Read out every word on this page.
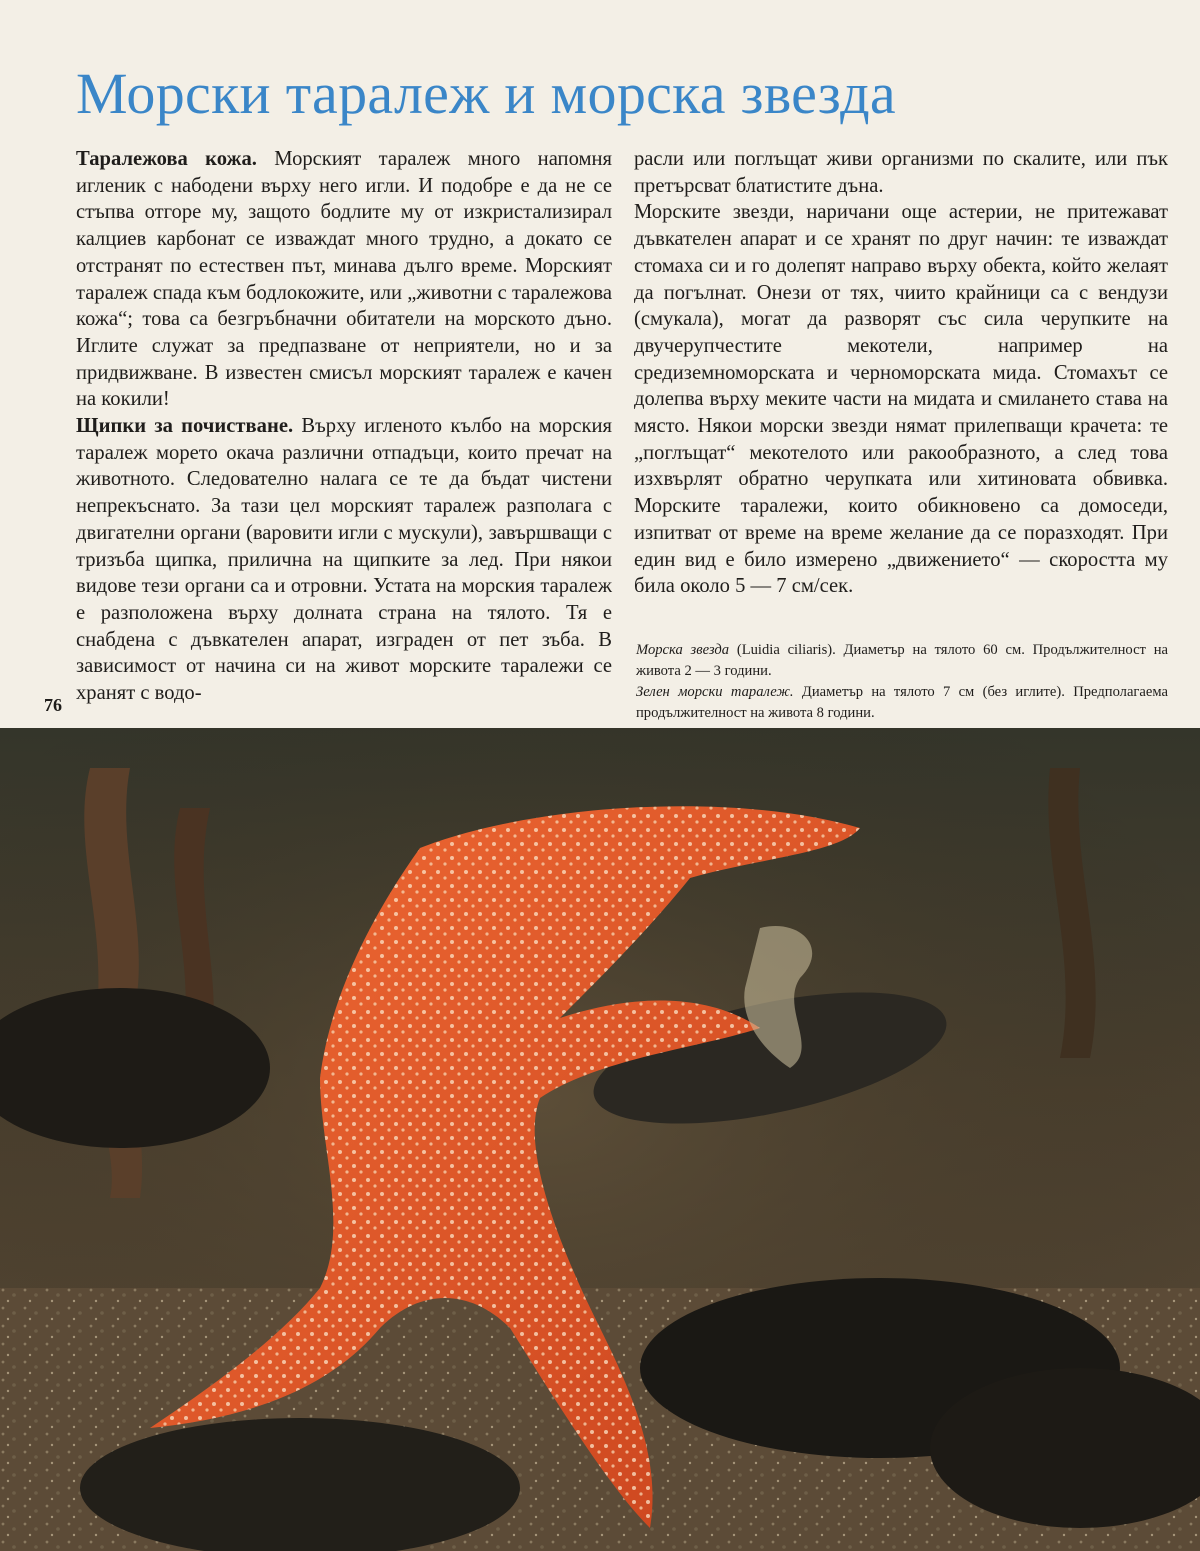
Морски таралеж и морска звезда

Таралежова кожа. Морският таралеж много напомня игленик с набодени върху него игли. И подобре е да не се стъпва отгоре му, защото бодлите му от изкристализирал калциев карбонат се изваждат много трудно, а докато се отстранят по естествен път, минава дълго време. Морският таралеж спада към бодлокожите, или „животни с таралежова кожа“; това са безгръбначни обитатели на морското дъно. Иглите служат за предпазване от неприятели, но и за придвижване. В известен смисъл морският таралеж е качен на кокили!

Щипки за почистване. Върху игленото кълбо на морския таралеж морето окача различни отпадъци, които пречат на животното. Следователно налага се те да бъдат чистени непрекъснато. За тази цел морският таралеж разполага с двигателни органи (варовити игли с мускули), завършващи с тризъба щипка, прилична на щипките за лед. При някои видове тези органи са и отровни. Устата на морския таралеж е разположена върху долната страна на тялото. Тя е снабдена с дъвкателен апарат, изграден от пет зъба. В зависимост от начина си на живот морските таралежи се хранят с водо-

расли или поглъщат живи организми по скалите, или пък претърсват блатистите дъна.

Морските звезди, наричани още астерии, не притежават дъвкателен апарат и се хранят по друг начин: те изваждат стомаха си и го долепят направо върху обекта, който желаят да погълнат. Онези от тях, чиито крайници са с вендузи (смукала), могат да разворят със сила черупките на двучерупчестите мекотели, например на средиземноморската и черноморската мида. Стомахът се долепва върху меките части на мидата и смилането става на място. Някои морски звезди нямат прилепващи крачета: те „поглъщат“ мекотелото или ракообразното, а след това изхвърлят обратно черупката или хитиновата обвивка. Морските таралежи, които обикновено са домоседи, изпитват от време на време желание да се поразходят. При един вид е било измерено „движението“ — скоростта му била около 5 — 7 см/сек.

76

Морска звезда (Luidia ciliaris). Диаметър на тялото 60 см. Продължителност на живота 2 — 3 години.

Зелен морски таралеж. Диаметър на тялото 7 см (без иглите). Предполагаема продължителност на живота 8 години.
